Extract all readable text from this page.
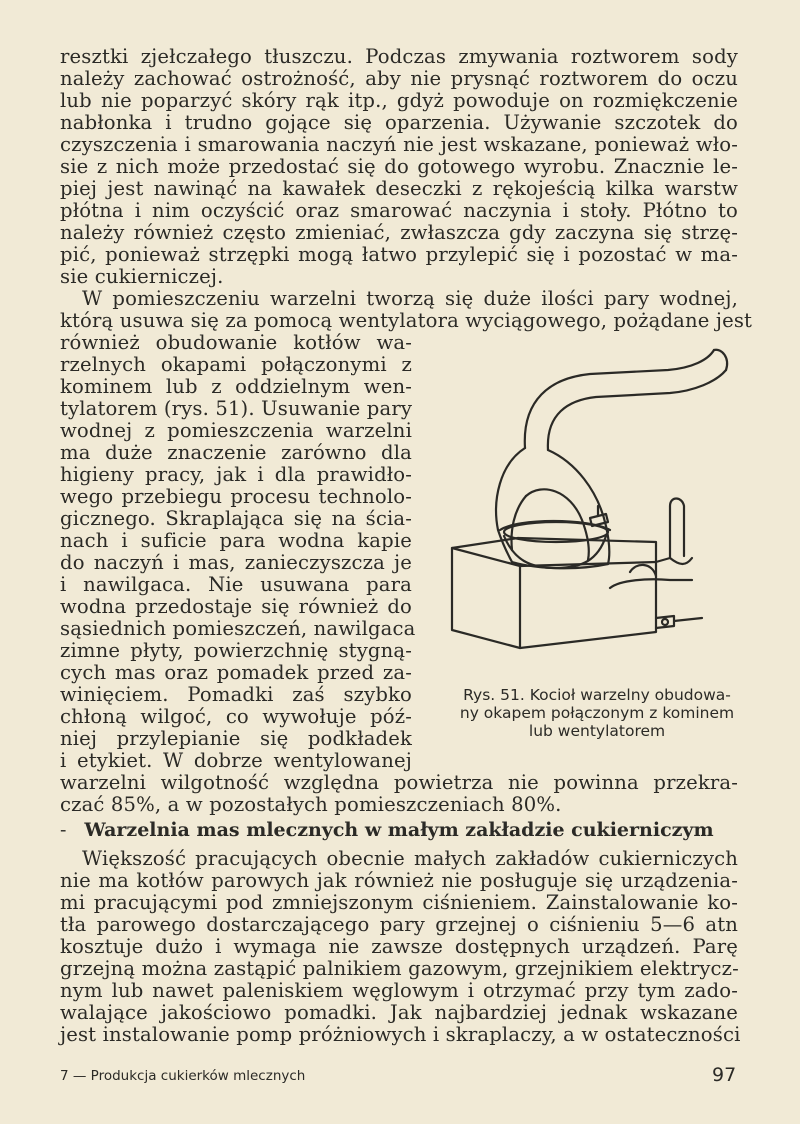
resztki zjełczałego tłuszczu. Podczas zmywania roztworem sody
należy zachować ostrożność, aby nie prysnąć roztworem do oczu
lub nie poparzyć skóry rąk itp., gdyż powoduje on rozmiękczenie
nabłonka i trudno gojące się oparzenia. Używanie szczotek do
czyszczenia i smarowania naczyń nie jest wskazane, ponieważ wło-
sie z nich może przedostać się do gotowego wyrobu. Znacznie le-
piej jest nawinąć na kawałek deseczki z rękojeścią kilka warstw
płótna i nim oczyścić oraz smarować naczynia i stoły. Płótno to
należy również często zmieniać, zwłaszcza gdy zaczyna się strzę-
pić, ponieważ strzępki mogą łatwo przylepić się i pozostać w ma-
sie cukierniczej.
W pomieszczeniu warzelni tworzą się duże ilości pary wodnej,
którą usuwa się za pomocą wentylatora wyciągowego, pożądane jest
również obudowanie kotłów wa-
rzelnych okapami połączonymi z
kominem lub z oddzielnym wen-
tylatorem (rys. 51). Usuwanie pary
wodnej z pomieszczenia warzelni
ma duże znaczenie zarówno dla
higieny pracy, jak i dla prawidło-
wego przebiegu procesu technolo-
gicznego. Skraplająca się na ścia-
nach i suficie para wodna kapie
do naczyń i mas, zanieczyszcza je
i nawilgaca. Nie usuwana para
wodna przedostaje się również do
sąsiednich pomieszczeń, nawilgaca
zimne płyty, powierzchnię stygną-
cych mas oraz pomadek przed za-
winięciem. Pomadki zaś szybko
chłoną wilgoć, co wywołuje póź-
niej przylepianie się podkładek
i etykiet. W dobrze wentylowanej
warzelni wilgotność względna powietrza nie powinna przekra-
czać 85%, a w pozostałych pomieszczeniach 80%.
Rys. 51. Kocioł warzelny obudowa-
ny okapem połączonym z kominem
lub wentylatorem
- Warzelnia mas mlecznych w małym zakładzie cukierniczym
Większość pracujących obecnie małych zakładów cukierniczych
nie ma kotłów parowych jak również nie posługuje się urządzenia-
mi pracującymi pod zmniejszonym ciśnieniem. Zainstalowanie ko-
tła parowego dostarczającego pary grzejnej o ciśnieniu 5—6 atn
kosztuje dużo i wymaga nie zawsze dostępnych urządzeń. Parę
grzejną można zastąpić palnikiem gazowym, grzejnikiem elektrycz-
nym lub nawet paleniskiem węglowym i otrzymać przy tym zado-
walające jakościowo pomadki. Jak najbardziej jednak wskazane
jest instalowanie pomp próżniowych i skraplaczy, a w ostateczności
7 — Produkcja cukierków mlecznych	97
